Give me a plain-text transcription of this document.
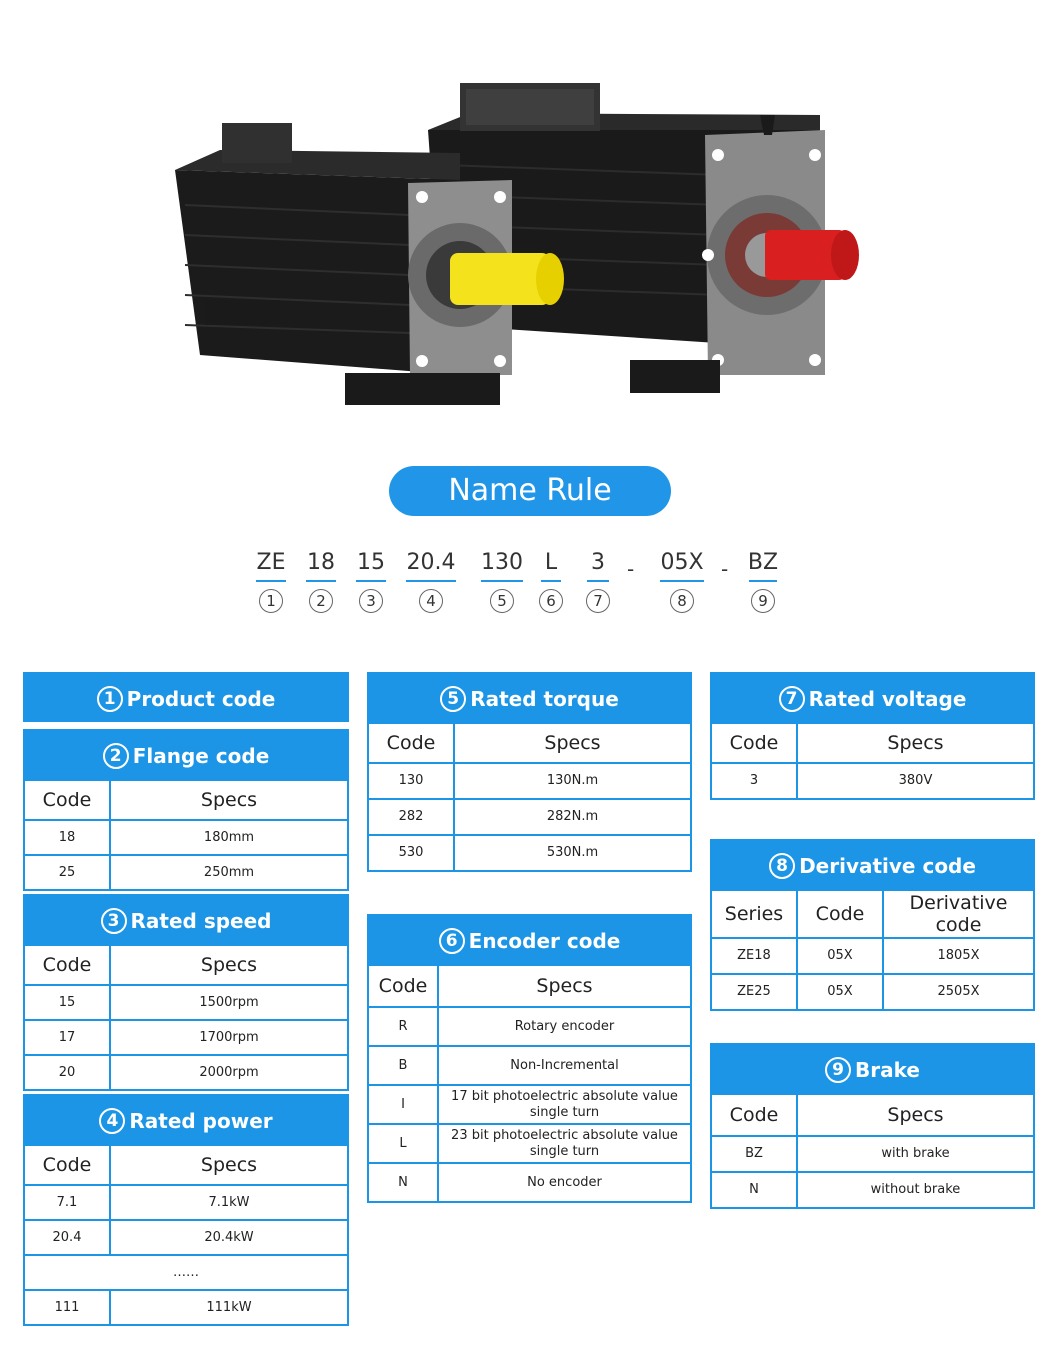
Name Rule
ZE
1
18
2
15
3
20.4
4
130
5
L
6
3
7
- 05X
8
- BZ
9
1 Product code
2 Flange code
Code	Specs
18	180mm
25	250mm
3 Rated speed
Code	Specs
15	1500rpm
17	1700rpm
20	2000rpm
4 Rated power
Code	Specs
7.1	7.1kW
20.4	20.4kW
……	
111	111kW
5 Rated torque
Code	Specs
130	130N.m
282	282N.m
530	530N.m
6 Encoder code
Code	Specs
R	Rotary encoder
B	Non-Incremental
I	17 bit photoelectric absolute value single turn
L	23 bit photoelectric absolute value single turn
N	No encoder
7 Rated voltage
Code	Specs
3	380V
8 Derivative code
Series	Code	Derivative code
ZE18	05X	1805X
ZE25	05X	2505X
9 Brake
Code	Specs
BZ	with brake
N	without brake
